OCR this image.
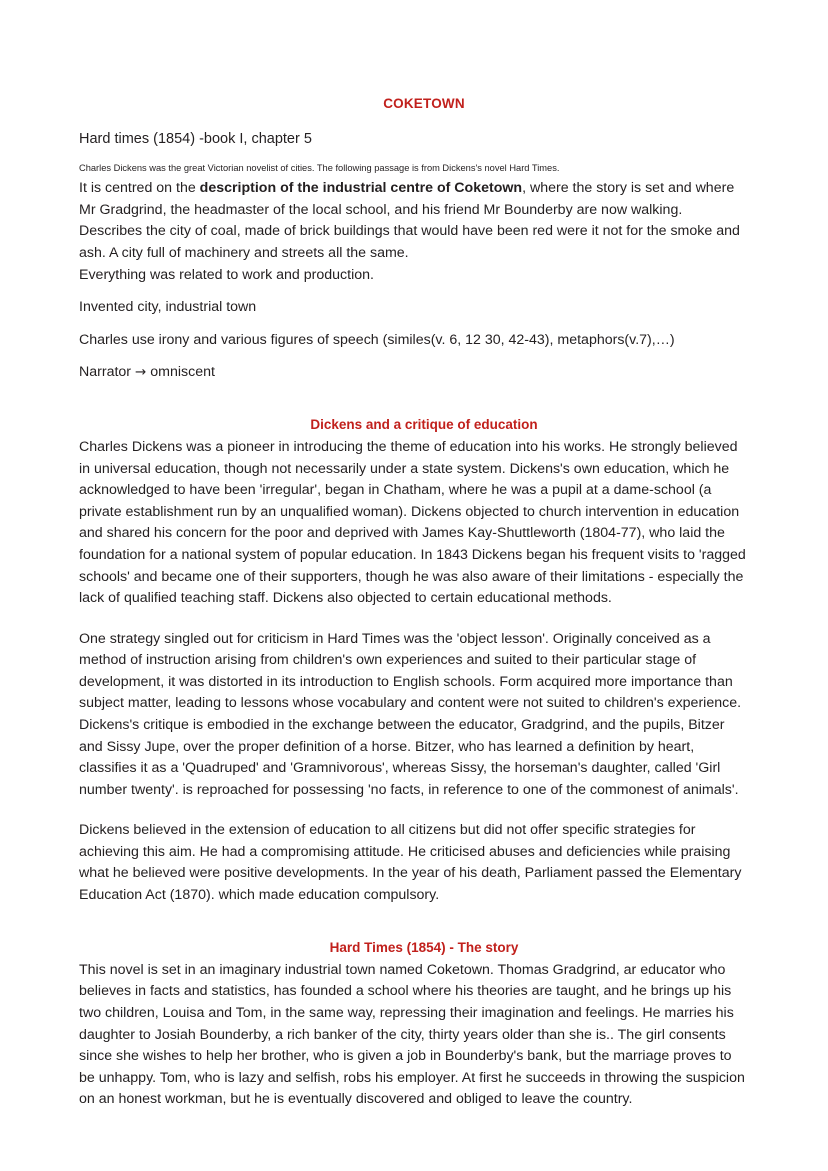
COKETOWN
Hard times (1854) -book I, chapter 5
Charles Dickens was the great Victorian novelist of cities. The following passage is from Dickens's novel Hard Times.

It is centred on the description of the industrial centre of Coketown, where the story is set and where Mr Gradgrind, the headmaster of the local school, and his friend Mr Bounderby are now walking.

Describes the city of coal, made of brick buildings that would have been red were it not for the smoke and ash. A city full of machinery and streets all the same.

Everything was related to work and production.

Invented city, industrial town

Charles use irony and various figures of speech (similes(v. 6, 12 30, 42-43), metaphors(v.7),…)

Narrator → omniscent

Dickens and a critique of education

Charles Dickens was a pioneer in introducing the theme of education into his works. He strongly believed in universal education, though not necessarily under a state system. Dickens's own education, which he acknowledged to have been 'irregular', began in Chatham, where he was a pupil at a dame-school (a private establishment run by an unqualified woman). Dickens objected to church intervention in education and shared his concern for the poor and deprived with James Kay-Shuttleworth (1804-77), who laid the foundation for a national system of popular education. In 1843 Dickens began his frequent visits to 'ragged schools' and became one of their supporters, though he was also aware of their limitations - especially the lack of qualified teaching staff. Dickens also objected to certain educational methods.

One strategy singled out for criticism in Hard Times was the 'object lesson'. Originally conceived as a method of instruction arising from children's own experiences and suited to their particular stage of development, it was distorted in its introduction to English schools. Form acquired more importance than subject matter, leading to lessons whose vocabulary and content were not suited to children's experience. Dickens's critique is embodied in the exchange between the educator, Gradgrind, and the pupils, Bitzer and Sissy Jupe, over the proper definition of a horse. Bitzer, who has learned a definition by heart, classifies it as a 'Quadruped' and 'Gramnivorous', whereas Sissy, the horseman's daughter, called 'Girl number twenty'. is reproached for possessing 'no facts, in reference to one of the commonest of animals'.

Dickens believed in the extension of education to all citizens but did not offer specific strategies for achieving this aim. He had a compromising attitude. He criticised abuses and deficiencies while praising what he believed were positive developments. In the year of his death, Parliament passed the Elementary Education Act (1870). which made education compulsory.

Hard Times (1854) - The story

This novel is set in an imaginary industrial town named Coketown. Thomas Gradgrind, ar educator who believes in facts and statistics, has founded a school where his theories are taught, and he brings up his two children, Louisa and Tom, in the same way, repressing their imagination and feelings. He marries his daughter to Josiah Bounderby, a rich banker of the city, thirty years older than she is.. The girl consents since she wishes to help her brother, who is given a job in Bounderby's bank, but the marriage proves to be unhappy. Tom, who is lazy and selfish, robs his employer. At first he succeeds in throwing the suspicion on an honest workman, but he is eventually discovered and obliged to leave the country.
